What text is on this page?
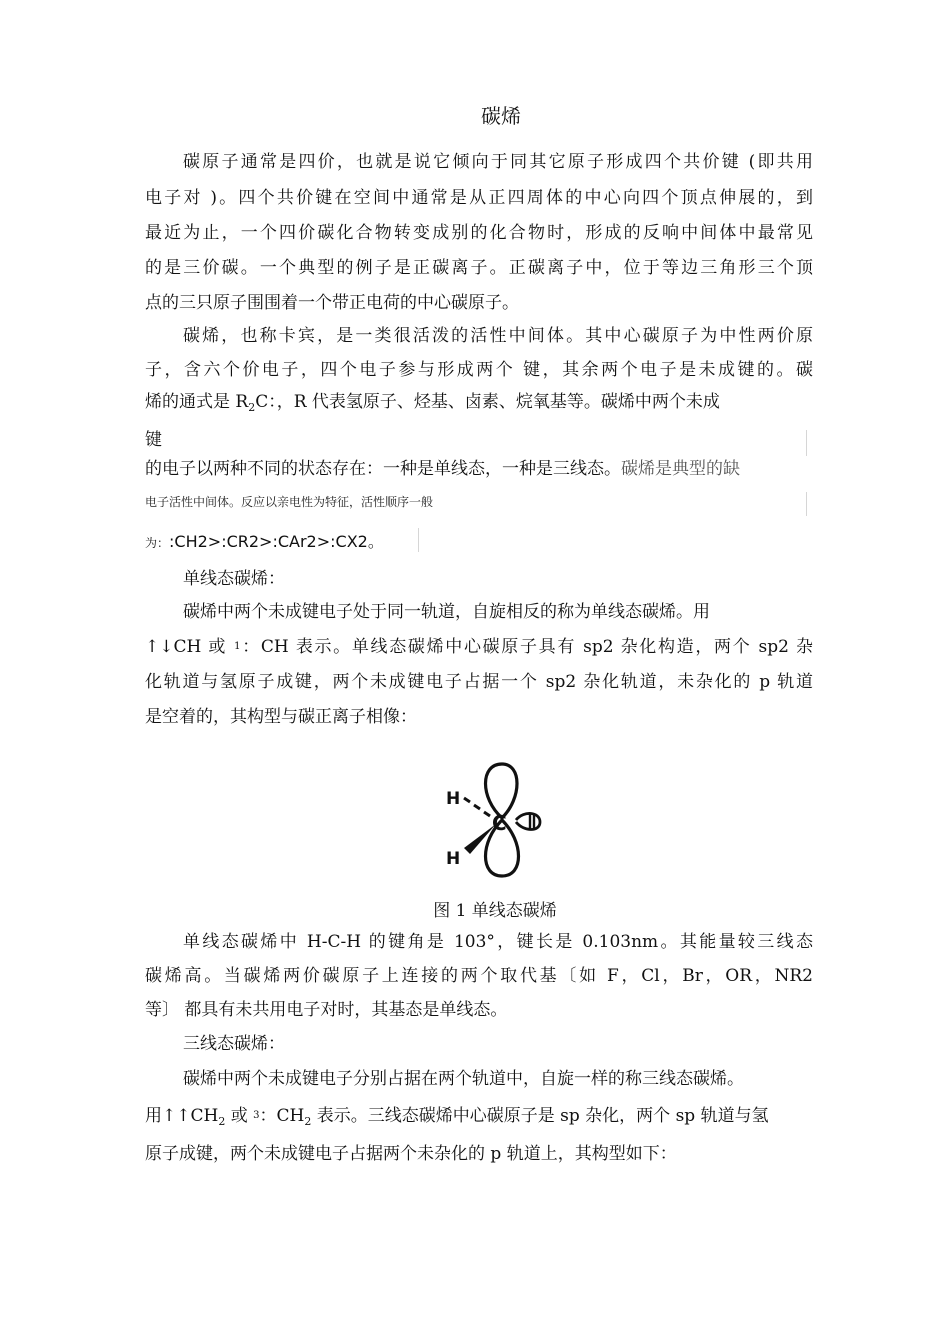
碳烯
碳原子通常是四价，也就是说它倾向于同其它原子形成四个共价键 (即共用
电子对 )。四个共价键在空间中通常是从正四周体的中心向四个顶点伸展的，到
最近为止，一个四价碳化合物转变成别的化合物时，形成的反响中间体中最常见
的是三价碳。一个典型的例子是正碳离子。正碳离子中，位于等边三角形三个顶
点的三只原子围围着一个带正电荷的中心碳原子。
碳烯，也称卡宾，是一类很活泼的活性中间体。其中心碳原子为中性两价原
子，含六个价电子，四个电子参与形成两个 键，其余两个电子是未成键的。碳
烯的通式是 $R_2C$：，R 代表氢原子、烃基、卤素、烷氧基等。碳烯中两个未成
键
的电子以两种不同的状态存在：一种是单线态，一种是三线态。碳烯是典型的缺
电子活性中间体。反应以亲电性为特征，活性顺序一般
为：:CH2>:CR2>:CAr2>:CX2。
单线态碳烯：
碳烯中两个未成键电子处于同一轨道，自旋相反的称为单线态碳烯。用
↑↓CH 或 $^1$：CH 表示。单线态碳烯中心碳原子具有 sp2 杂化构造，两个 sp2 杂
化轨道与氢原子成键，两个未成键电子占据一个 sp2 杂化轨道，未杂化的 p 轨道
是空着的，其构型与碳正离子相像：
H
H
C
图 1 单线态碳烯
单线态碳烯中 H-C-H 的键角是 103°，键长是 0.103nm。其能量较三线态
碳烯高。当碳烯两价碳原子上连接的两个取代基〔如 F，Cl，Br，OR，NR2
等〕 都具有未共用电子对时，其基态是单线态。
三线态碳烯：
碳烯中两个未成键电子分别占据在两个轨道中，自旋一样的称三线态碳烯。
用$↑↑CH_2$ 或 $^3$：$CH_2$ 表示。三线态碳烯中心碳原子是 sp 杂化，两个 sp 轨道与氢
原子成键，两个未成键电子占据两个未杂化的 p 轨道上，其构型如下：
